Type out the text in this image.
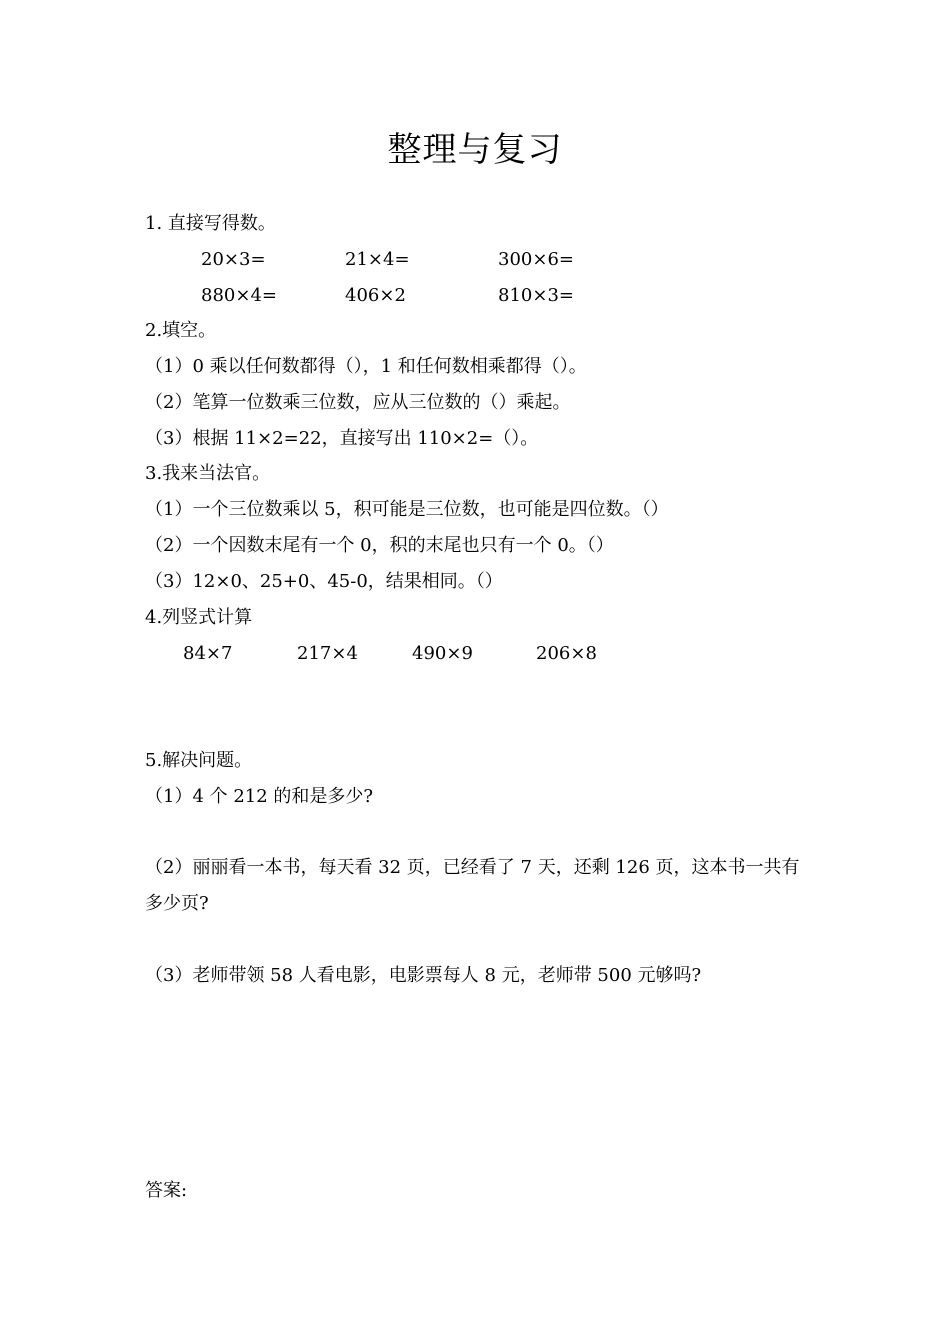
整理与复习
1. 直接写得数。
20×3=	21×4=	300×6=
880×4=	406×2	810×3=
2.填空。
（1）0 乘以任何数都得（），1 和任何数相乘都得（）。
（2）笔算一位数乘三位数，应从三位数的（）乘起。
（3）根据 11×2=22，直接写出 110×2=（）。
3.我来当法官。
（1）一个三位数乘以 5，积可能是三位数，也可能是四位数。（）
（2）一个因数末尾有一个 0，积的末尾也只有一个 0。（）
（3）12×0、25+0、45-0，结果相同。（）
4.列竖式计算
84×7	217×4	490×9	206×8
5.解决问题。
（1）4 个 212 的和是多少?
（2）丽丽看一本书，每天看 32 页，已经看了 7 天，还剩 126 页，这本书一共有
多少页?
（3）老师带领 58 人看电影，电影票每人 8 元，老师带 500 元够吗?
答案:
